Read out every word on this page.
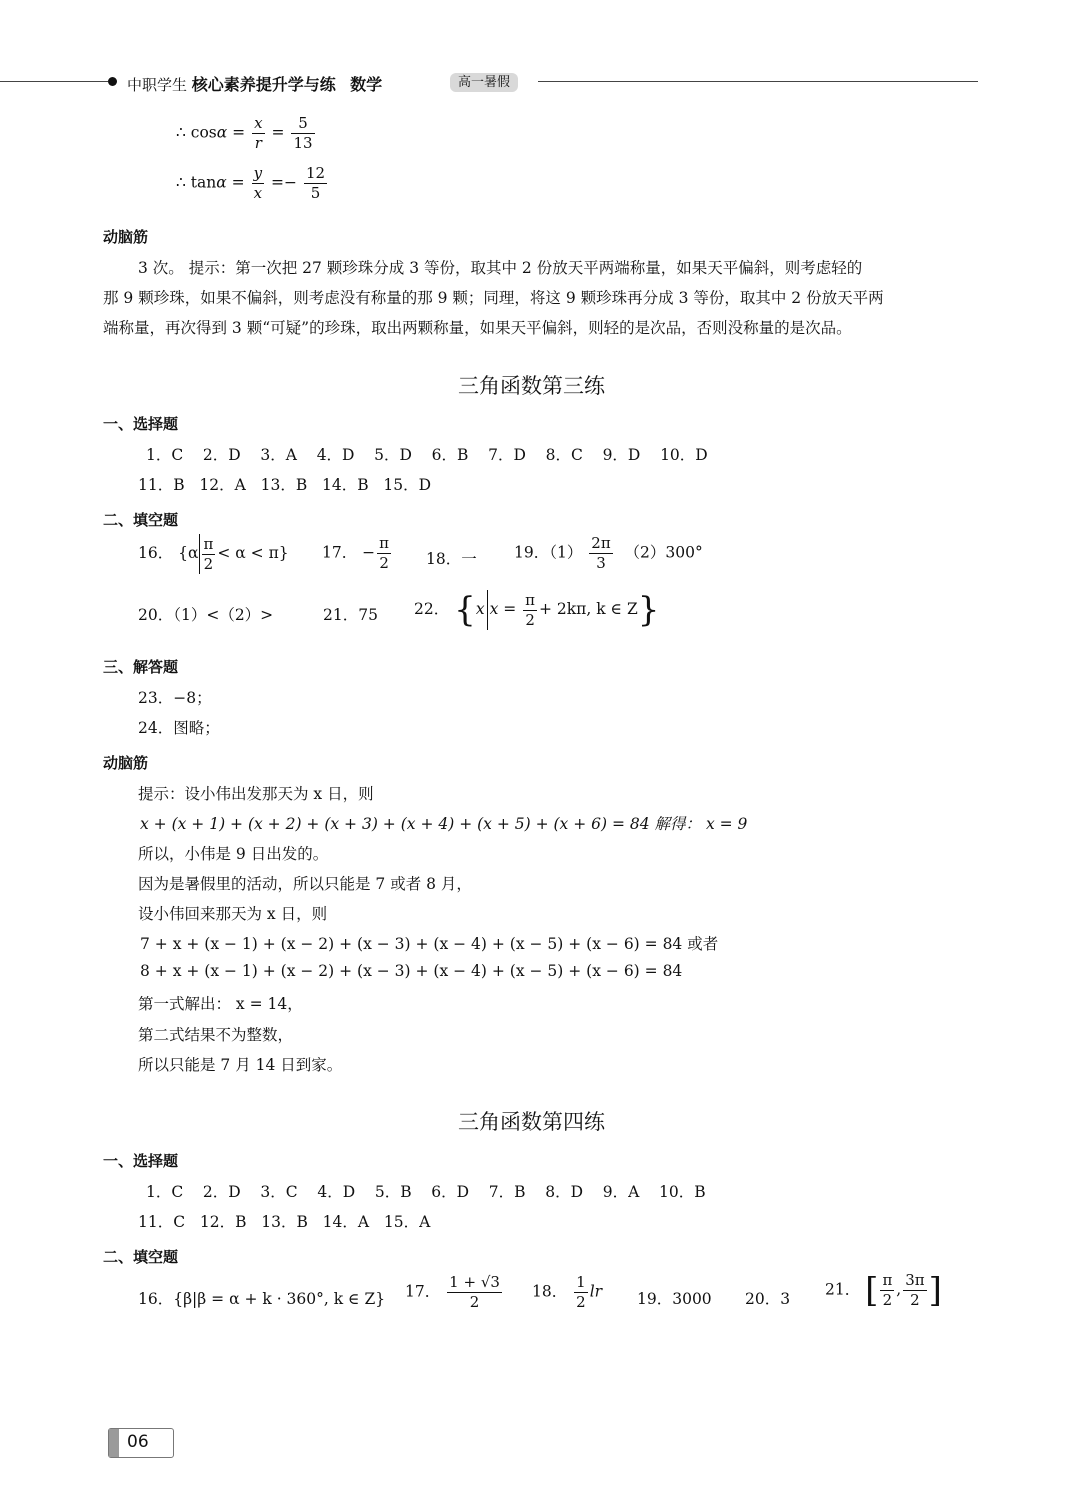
中职学生 核心素养提升学与练 数学	高一暑假
∴ $\cos\alpha = \frac{x}{r} = \frac{5}{13}$
∴ $\tan\alpha = \frac{y}{x} =- \frac{12}{5}$
动脑筋
3 次。 提示：第一次把 27 颗珍珠分成 3 等份，取其中 2 份放天平两端称量，如果天平偏斜，则考虑轻的
那 9 颗珍珠，如果不偏斜，则考虑没有称量的那 9 颗；同理，将这 9 颗珍珠再分成 3 等份，取其中 2 份放天平两
端称量，再次得到 3 颗“可疑”的珍珠，取出两颗称量，如果天平偏斜，则轻的是次品，否则没称量的是次品。
三角函数第三练
一、选择题
1．C    2．D    3．A    4．D    5．D    6．B    7．D    8．C    9．D    10．D
11．B   12．A   13．B   14．B   15．D
二、填空题
16． $\{\alpha \frac{\pi}{2} < \alpha < \pi\}$ 17． − $\frac{\pi}{2} 18$．一 19．$(1) \frac{2\pi}{3} (2)300^\circ$
20．（1）<（2）>	21．75 22． {x $x = \frac{\pi}{2} + 2k\pi$, k ∈ Z}
三、解答题
23．−8；
24．图略；
动脑筋
提示：设小伟出发那天为 x 日，则
x + (x + 1) + (x + 2) + (x + 3) + (x + 4) + (x + 5) + (x + 6) = 84 解得： x = 9
所以，小伟是 9 日出发的。
因为是暑假里的活动，所以只能是 7 或者 8 月，
设小伟回来那天为 x 日，则
7 + x + (x − 1) + (x − 2) + (x − 3) + (x − 4) + (x − 5) + (x − 6) = 84 或者
8 + x + (x − 1) + (x − 2) + (x − 3) + (x − 4) + (x − 5) + (x − 6) = 84
第一式解出： x = 14，
第二式结果不为整数，
所以只能是 7 月 14 日到家。
三角函数第四练
一、选择题
1．C    2．D    3．C    4．D    5．B    6．D    7．B    8．D    9．A    10．B
11．C   12．B   13．B   14．A   15．A
二、填空题
16．{β|β = α + k · 360°, k ∈ Z} 17． $\frac{1 + √3}{2} 18$． $\frac{1}{2}$ lr 19．3000 20．3
21． [ $\frac{\pi}{2}$ , $\frac{3\pi}{2}$ ]
06
